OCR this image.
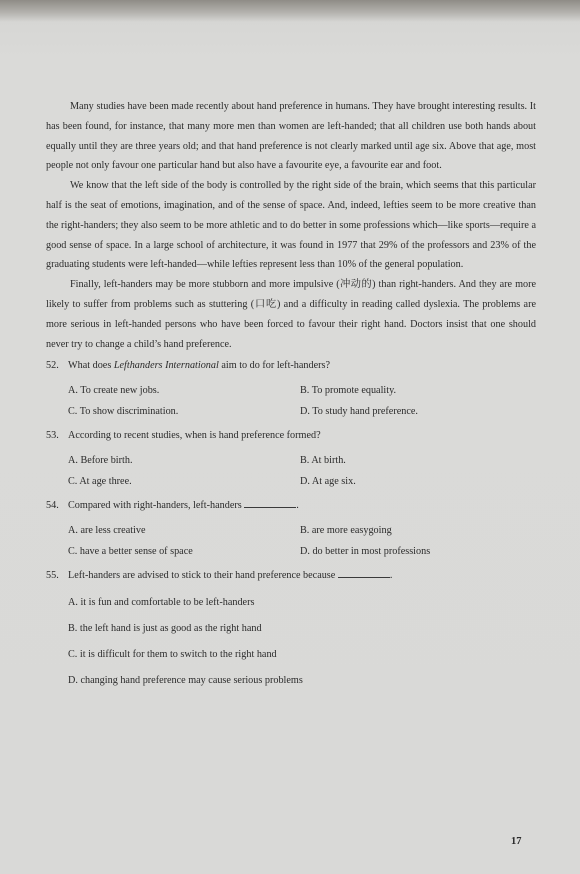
Many studies have been made recently about hand preference in humans. They have brought interesting results. It has been found, for instance, that many more men than women are left-handed; that all children use both hands about equally until they are three years old; and that hand preference is not clearly marked until age six. Above that age, most people not only favour one particular hand but also have a favourite eye, a favourite ear and foot.

We know that the left side of the body is controlled by the right side of the brain, which seems that this particular half is the seat of emotions, imagination, and of the sense of space. And, indeed, lefties seem to be more creative than the right-handers; they also seem to be more athletic and to do better in some professions which—like sports—require a good sense of space. In a large school of architecture, it was found in 1977 that 29% of the professors and 23% of the graduating students were left-handed—while lefties represent less than 10% of the general population.

Finally, left-handers may be more stubborn and more impulsive (冲动的) than right-handers. And they are more likely to suffer from problems such as stuttering (口吃) and a difficulty in reading called dyslexia. The problems are more serious in left-handed persons who have been forced to favour their right hand. Doctors insist that one should never try to change a child’s hand preference.

52. What does Lefthanders International aim to do for left-handers?

A. To create new jobs.	B. To promote equality.

C. To show discrimination.	D. To study hand preference.

53. According to recent studies, when is hand preference formed?

A. Before birth.	B. At birth.

C. At age three.	D. At age six.

54. Compared with right-handers, left-handers	.

A. are less creative	B. are more easygoing

C. have a better sense of space	D. do better in most professions

55. Left-handers are advised to stick to their hand preference because	.

A. it is fun and comfortable to be left-handers

B. the left hand is just as good as the right hand

C. it is difficult for them to switch to the right hand

D. changing hand preference may cause serious problems

17
